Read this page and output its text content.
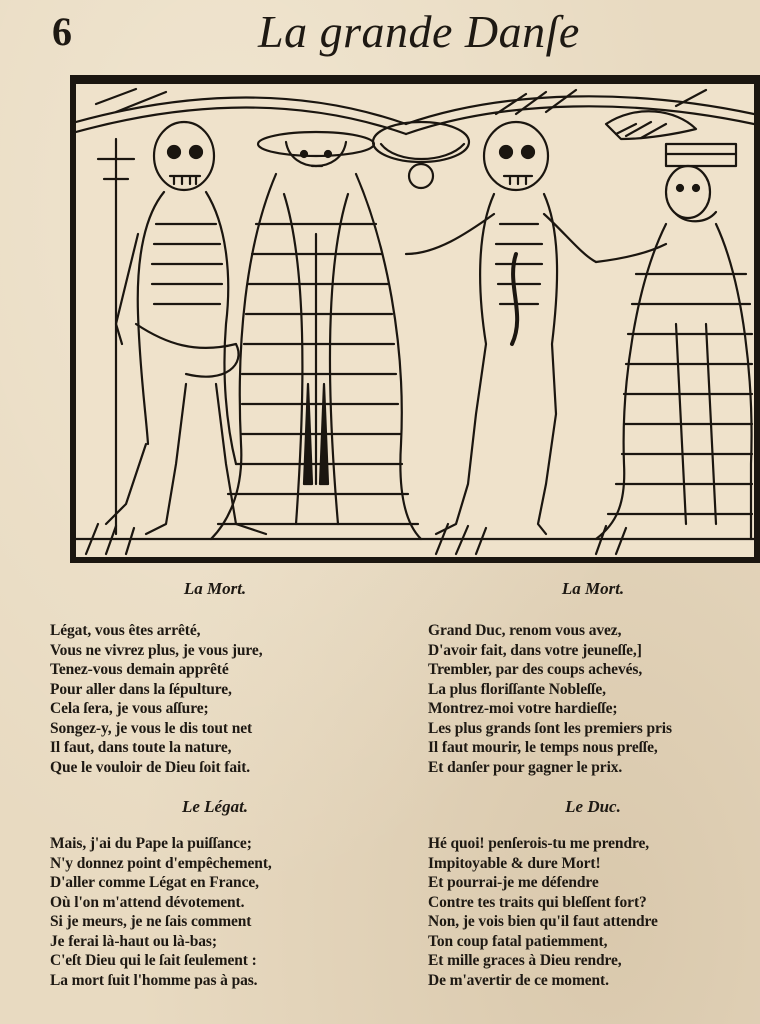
6	La grande Danſe
La Mort.
Légat, vous êtes arrêté,
Vous ne vivrez plus, je vous jure,
Tenez-vous demain apprêté
Pour aller dans la ſépulture,
Cela ſera, je vous aſſure;
Songez-y, je vous le dis tout net
Il faut, dans toute la nature,
Que le vouloir de Dieu ſoit fait.
Le Légat.
Mais, j'ai du Pape la puiſſance;
N'y donnez point d'empêchement,
D'aller comme Légat en France,
Où l'on m'attend dévotement.
Si je meurs, je ne ſais comment
Je ferai là-haut ou là-bas;
C'eſt Dieu qui le ſait ſeulement :
La mort ſuit l'homme pas à pas.
La Mort.
Grand Duc, renom vous avez,
D'avoir fait, dans votre jeuneſſe,]
Trembler, par des coups achevés,
La plus floriſſante Nobleſſe,
Montrez-moi votre hardieſſe;
Les plus grands ſont les premiers pris
Il faut mourir, le temps nous preſſe,
Et danſer pour gagner le prix.
Le Duc.
Hé quoi! penſerois-tu me prendre,
Impitoyable & dure Mort!
Et pourrai-je me défendre
Contre tes traits qui bleſſent fort?
Non, je vois bien qu'il faut attendre
Ton coup fatal patiemment,
Et mille graces à Dieu rendre,
De m'avertir de ce moment.
